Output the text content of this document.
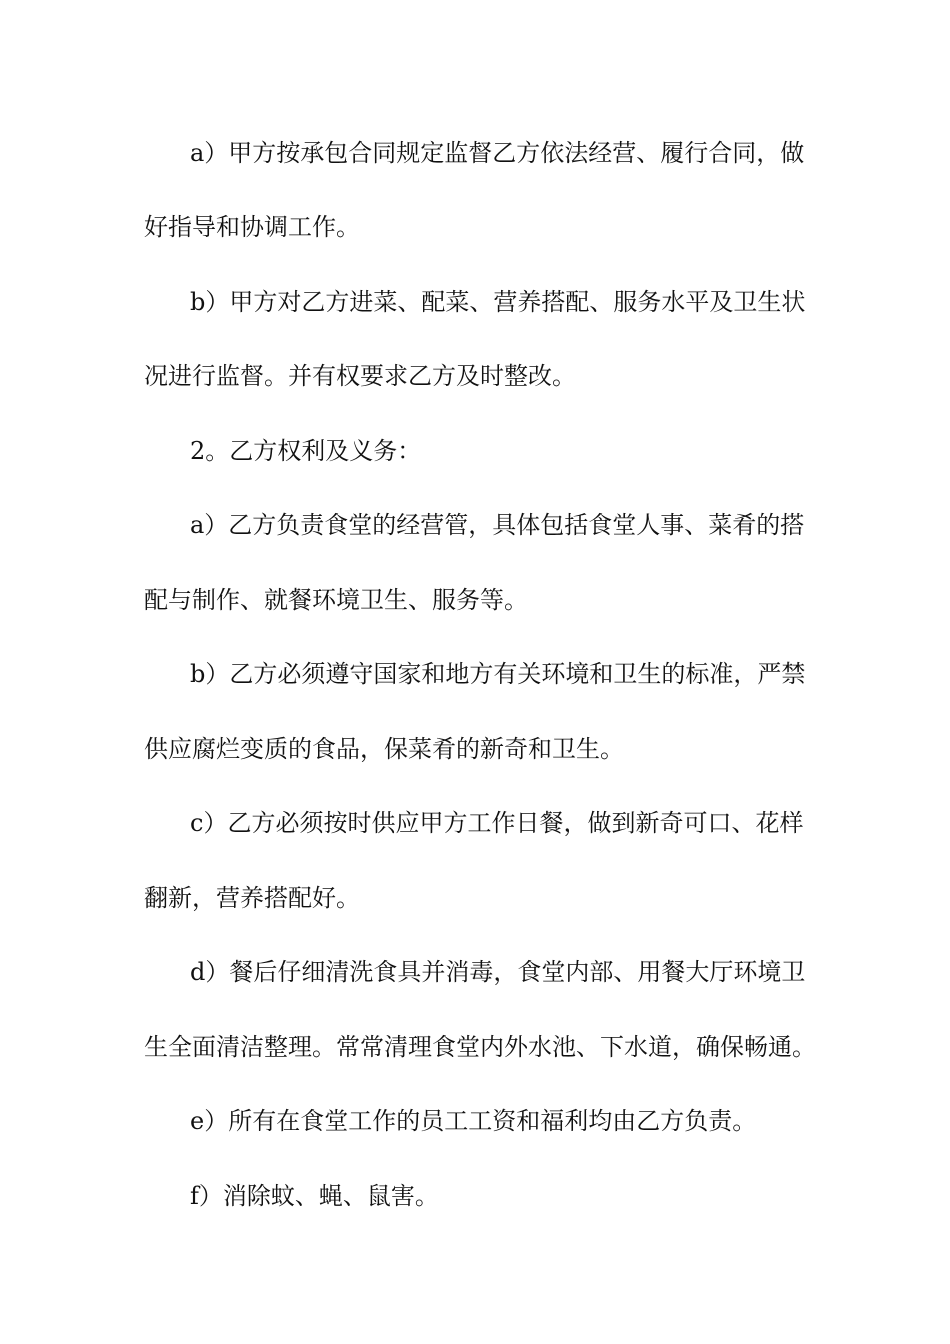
a）甲方按承包合同规定监督乙方依法经营、履行合同，做

好指导和协调工作。

b）甲方对乙方进菜、配菜、营养搭配、服务水平及卫生状

况进行监督。并有权要求乙方及时整改。

2。乙方权利及义务：

a）乙方负责食堂的经营管，具体包括食堂人事、菜肴的搭

配与制作、就餐环境卫生、服务等。

b）乙方必须遵守国家和地方有关环境和卫生的标准，严禁

供应腐烂变质的食品，保菜肴的新奇和卫生。

c）乙方必须按时供应甲方工作日餐，做到新奇可口、花样

翻新，营养搭配好。

d）餐后仔细清洗食具并消毒，食堂内部、用餐大厅环境卫

生全面清洁整理。常常清理食堂内外水池、下水道，确保畅通。

e）所有在食堂工作的员工工资和福利均由乙方负责。

f）消除蚊、蝇、鼠害。
